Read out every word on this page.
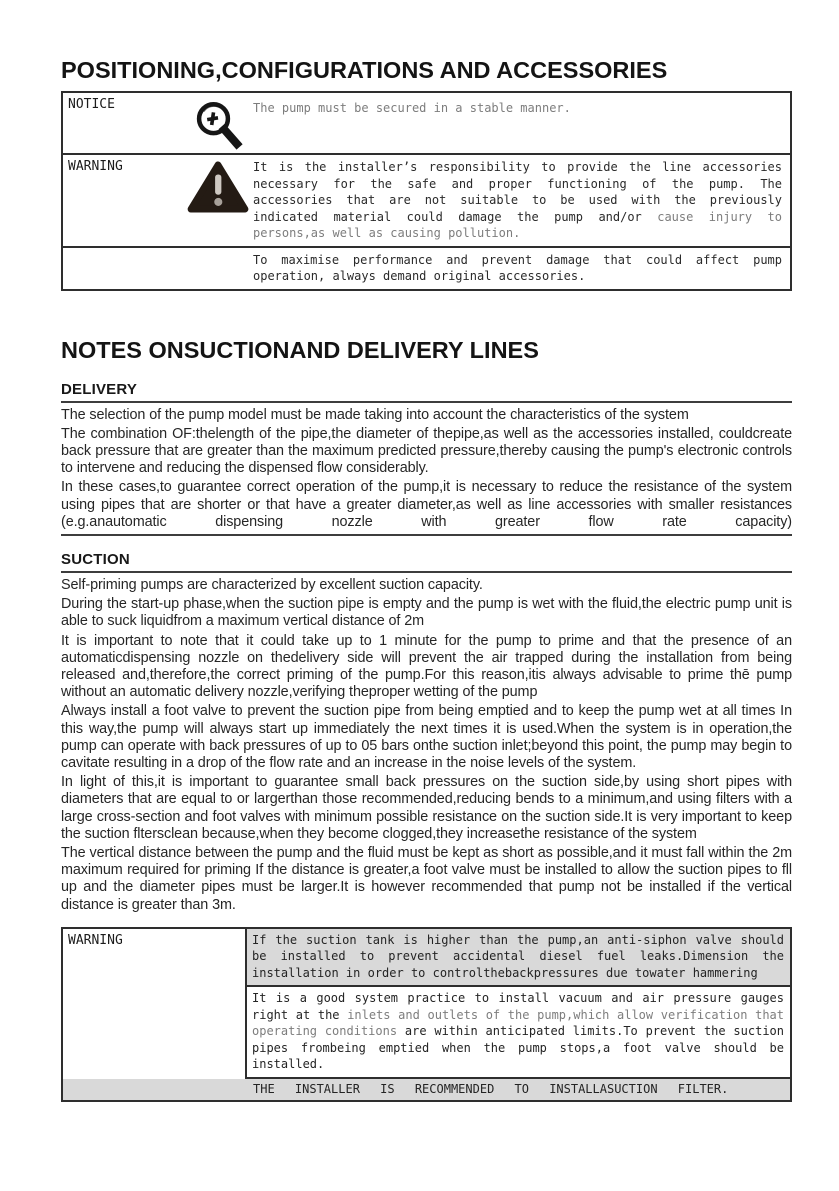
POSITIONING,CONFIGURATIONS AND ACCESSORIES
NOTICE	The pump must be secured in a stable manner.
WARNING	It is the installer’s responsibility to provide the line accessories necessary for the safe and proper functioning of the pump. The accessories that are not suitable to be used with the previously indicated material could damage the pump and/or cause injury to persons,as well as causing pollution.
To maximise performance and prevent damage that could affect pump operation, always demand original accessories.
NOTES ONSUCTIONAND DELIVERY LINES
DELIVERY

The selection of the pump model must be made taking into account the characteristics of the system

The combination OF:thelength of the pipe,the diameter of thepipe,as well as the accessories installed, couldcreate back pressure that are greater than the maximum predicted pressure,thereby causing the pump's electronic controls to intervene and reducing the dispensed flow considerably.

In these cases,to guarantee correct operation of the pump,it is necessary to reduce the resistance of the system using pipes that are shorter or that have a greater diameter,as well as line accessories with smaller resistances (e.g.anautomatic dispensing nozzle with greater flow rate capacity)

SUCTION

Self-priming pumps are characterized by excellent suction capacity.

During the start-up phase,when the suction pipe is empty and the pump is wet with the fluid,the electric pump unit is able to suck liquidfrom a maximum vertical distance of 2m

It is important to note that it could take up to 1 minute for the pump to prime and that the presence of an automaticdispensing nozzle on thedelivery side will prevent the air trapped during the installation from being released and,therefore,the correct priming of the pump.For this reason,itis always advisable to prime thē pump without an automatic delivery nozzle,verifying theproper wetting of the pump

Always install a foot valve to prevent the suction pipe from being emptied and to keep the pump wet at all times In this way,the pump will always start up immediately the next times it is used.When the system is in operation,the pump can operate with back pressures of up to 05 bars onthe suction inlet;beyond this point, the pump may begin to cavitate resulting in a drop of the flow rate and an increase in the noise levels of the system.

In light of this,it is important to guarantee small back pressures on the suction side,by using short pipes with diameters that are equal to or largerthan those recommended,reducing bends to a minimum,and using filters with a large cross-section and foot valves with minimum possible resistance on the suction side.It is very important to keep the suction fltersclean because,when they become clogged,they increasethe resistance of the system

The vertical distance between the pump and the fluid must be kept as short as possible,and it must fall within the 2m maximum required for priming If the distance is greater,a foot valve must be installed to allow the suction pipes to fll up and the diameter pipes must be larger.It is however recommended that pump not be installed if the vertical distance is greater than 3m.

WARNING	If the suction tank is higher than the pump,an anti-siphon valve should be installed to prevent accidental diesel fuel leaks.Dimension the installation in order to controlthebackpressures due towater hammering
It is a good system practice to install vacuum and air pressure gauges right at the inlets and outlets of the pump,which allow verification that operating conditions are within anticipated limits.To prevent the suction pipes frombeing emptied when the pump stops,a foot valve should be installed.
THE INSTALLER IS RECOMMENDED TO INSTALLASUCTION FILTER.
